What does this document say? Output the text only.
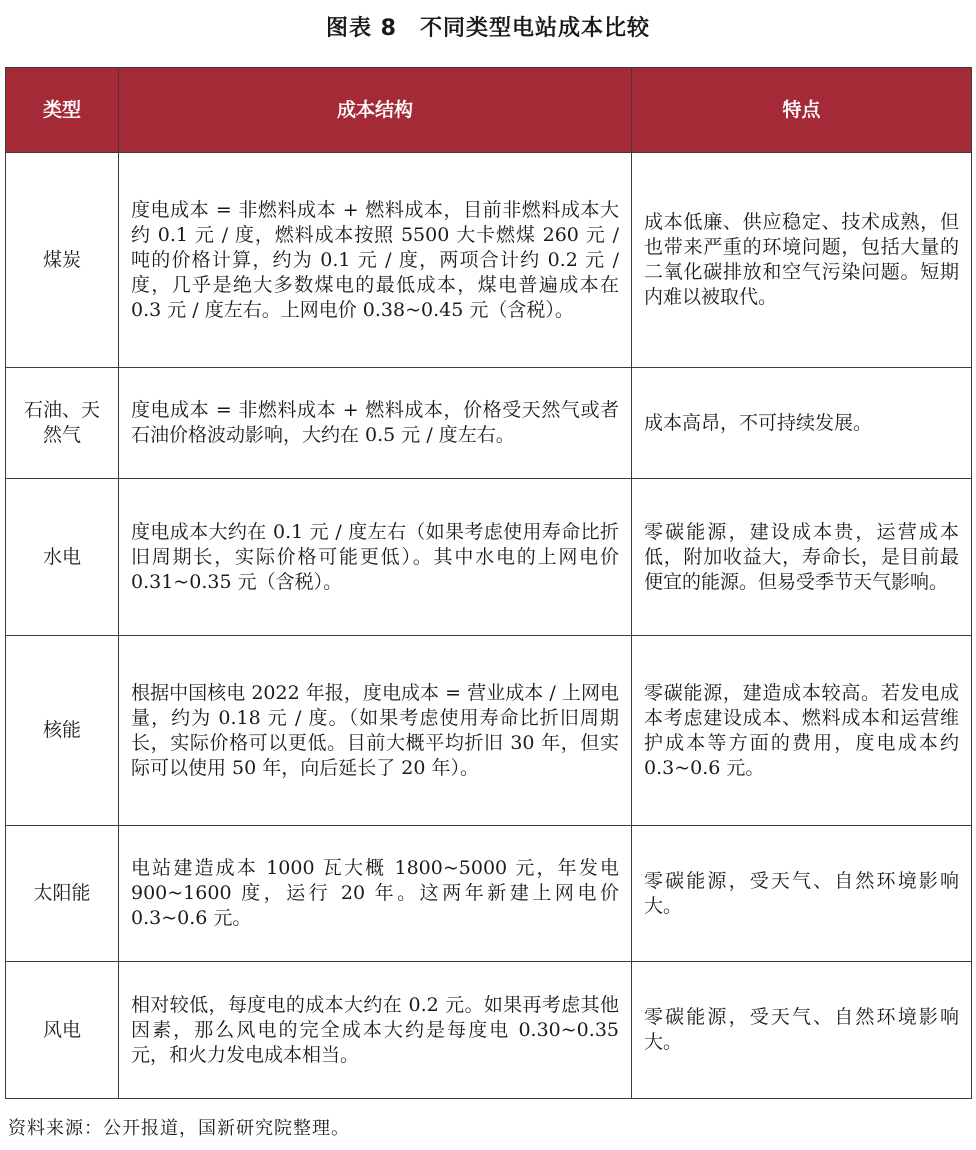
图表 8　不同类型电站成本比较
类型	成本结构	特点
煤炭	度电成本 = 非燃料成本 + 燃料成本，目前非燃料成本大约 0.1 元 / 度，燃料成本按照 5500 大卡燃煤 260 元 / 吨的价格计算，约为 0.1 元 / 度，两项合计约 0.2 元 / 度，几乎是绝大多数煤电的最低成本，煤电普遍成本在 0.3 元 / 度左右。上网电价 0.38~0.45 元（含税）。	成本低廉、供应稳定、技术成熟，但也带来严重的环境问题，包括大量的二氧化碳排放和空气污染问题。短期内难以被取代。
石油、天然气	度电成本 = 非燃料成本 + 燃料成本，价格受天然气或者石油价格波动影响，大约在 0.5 元 / 度左右。	成本高昂，不可持续发展。
水电	度电成本大约在 0.1 元 / 度左右（如果考虑使用寿命比折旧周期长，实际价格可能更低）。其中水电的上网电价 0.31~0.35 元（含税）。	零碳能源，建设成本贵，运营成本低，附加收益大，寿命长，是目前最便宜的能源。但易受季节天气影响。
核能	根据中国核电 2022 年报，度电成本 = 营业成本 / 上网电量，约为 0.18 元 / 度。（如果考虑使用寿命比折旧周期长，实际价格可以更低。目前大概平均折旧 30 年，但实际可以使用 50 年，向后延长了 20 年）。	零碳能源，建造成本较高。若发电成本考虑建设成本、燃料成本和运营维护成本等方面的费用，度电成本约 0.3~0.6 元。
太阳能	电站建造成本 1000 瓦大概 1800~5000 元，年发电 900~1600 度，运行 20 年。这两年新建上网电价 0.3~0.6 元。	零碳能源，受天气、自然环境影响大。
风电	相对较低，每度电的成本大约在 0.2 元。如果再考虑其他因素，那么风电的完全成本大约是每度电 0.30~0.35 元，和火力发电成本相当。	零碳能源，受天气、自然环境影响大。
资料来源：公开报道，国新研究院整理。
